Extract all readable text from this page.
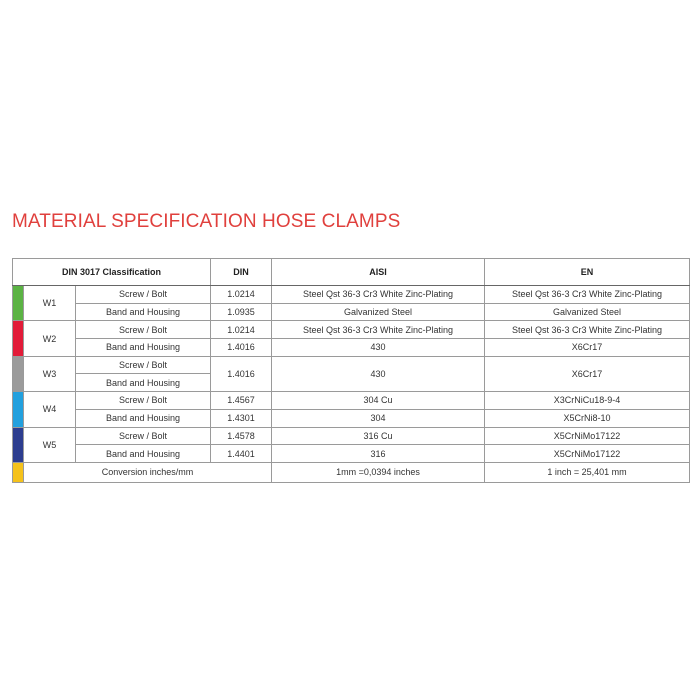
MATERIAL SPECIFICATION HOSE CLAMPS
DIN 3017 Classification			DIN	AISI	EN
	W1	Screw / Bolt	1.0214	Steel Qst 36-3 Cr3 White Zinc-Plating	Steel Qst 36-3 Cr3 White Zinc-Plating
		Band and Housing	1.0935	Galvanized Steel	Galvanized Steel
	W2	Screw / Bolt	1.0214	Steel Qst 36-3 Cr3 White Zinc-Plating	Steel Qst 36-3 Cr3 White Zinc-Plating
		Band and Housing	1.4016	430	X6Cr17
	W3	Screw / Bolt	1.4016	430	X6Cr17
		Band and Housing			
	W4	Screw / Bolt	1.4567	304 Cu	X3CrNiCu18-9-4
		Band and Housing	1.4301	304	X5CrNi8-10
	W5	Screw / Bolt	1.4578	316 Cu	X5CrNiMo17122
		Band and Housing	1.4401	316	X5CrNiMo17122
	Conversion inches/mm			1mm =0,0394 inches	1 inch = 25,401 mm
